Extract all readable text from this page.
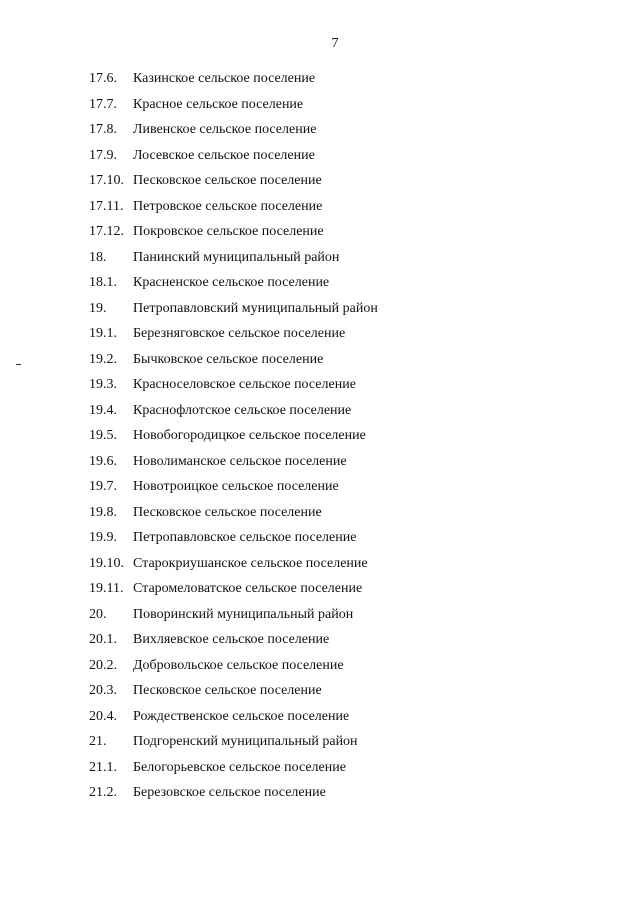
7
17.6.	Казинское сельское поселение
17.7.	Красное сельское поселение
17.8.	Ливенское сельское поселение
17.9.	Лосевское сельское поселение
17.10. Песковское сельское поселение
17.11. Петровское сельское поселение
17.12. Покровское сельское поселение
18.	Панинский муниципальный район
18.1.	Красненское сельское поселение
19.	Петропавловский муниципальный район
19.1.	Березняговское сельское поселение
19.2.	Бычковское сельское поселение
19.3.	Красноселовское сельское поселение
19.4.	Краснофлотское сельское поселение
19.5.	Новобогородицкое сельское поселение
19.6.	Новолиманское сельское поселение
19.7.	Новотроицкое сельское поселение
19.8.	Песковское сельское поселение
19.9.	Петропавловское сельское поселение
19.10. Старокриушанское сельское поселение
19.11. Старомеловатское сельское поселение
20.	Поворинский муниципальный район
20.1.	Вихляевское сельское поселение
20.2.	Добровольское сельское поселение
20.3.	Песковское сельское поселение
20.4.	Рождественское сельское поселение
21.	Подгоренский муниципальный район
21.1.	Белогорьевское сельское поселение
21.2.	Березовское сельское поселение
